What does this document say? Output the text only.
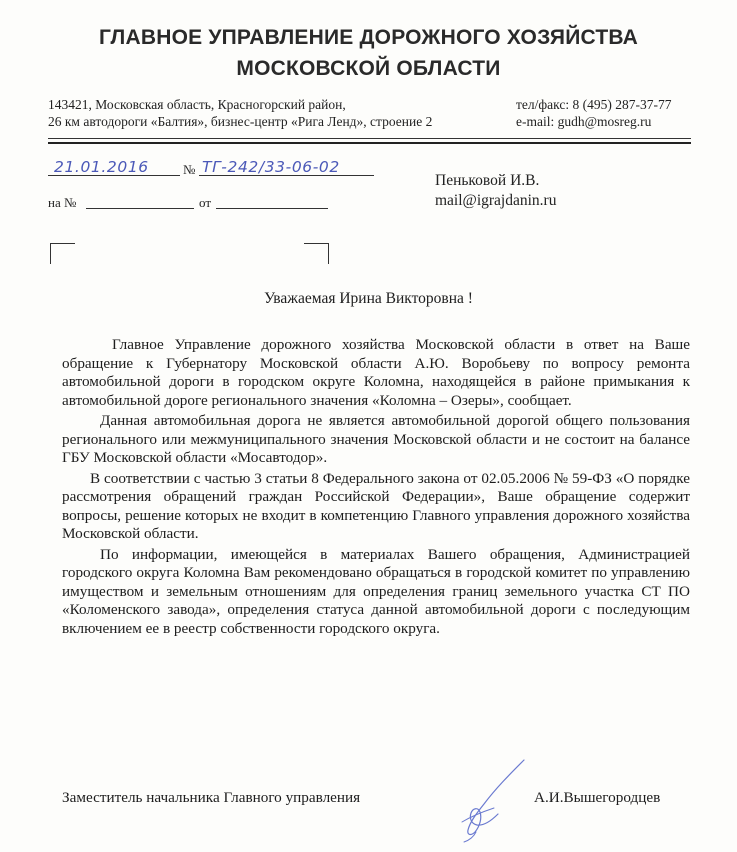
ГЛАВНОЕ УПРАВЛЕНИЕ ДОРОЖНОГО ХОЗЯЙСТВА
МОСКОВСКОЙ ОБЛАСТИ
143421, Московская область, Красногорский район,
26 км автодороги «Балтия», бизнес-центр «Рига Ленд», строение 2
тел/факс: 8 (495) 287-37-77
e-mail: gudh@mosreg.ru
21.01.2016	№ ТГ-242/33-06-02
на №	от
Пеньковой И.В.
mail@igrajdanin.ru
Уважаемая Ирина Викторовна !

Главное Управление дорожного хозяйства Московской области в ответ на Ваше обращение к Губернатору Московской области А.Ю. Воробьеву по вопросу ремонта автомобильной дороги в городском округе Коломна, находящейся в районе примыкания к автомобильной дороге регионального значения «Коломна – Озеры», сообщает.

Данная автомобильная дорога не является автомобильной дорогой общего пользования регионального или межмуниципального значения Московской области и не состоит на балансе ГБУ Московской области «Мосавтодор».

В соответствии с частью 3 статьи 8 Федерального закона от 02.05.2006 № 59-ФЗ «О порядке рассмотрения обращений граждан Российской Федерации», Ваше обращение содержит вопросы, решение которых не входит в компетенцию Главного управления дорожного хозяйства Московской области.

По информации, имеющейся в материалах Вашего обращения, Администрацией городского округа Коломна Вам рекомендовано обращаться в городской комитет по управлению имуществом и земельным отношениям для определения границ земельного участка СТ ПО «Коломенского завода», определения статуса данной автомобильной дороги с последующим включением ее в реестр собственности городского округа.

Заместитель начальника Главного управления	А.И.Вышегородцев
